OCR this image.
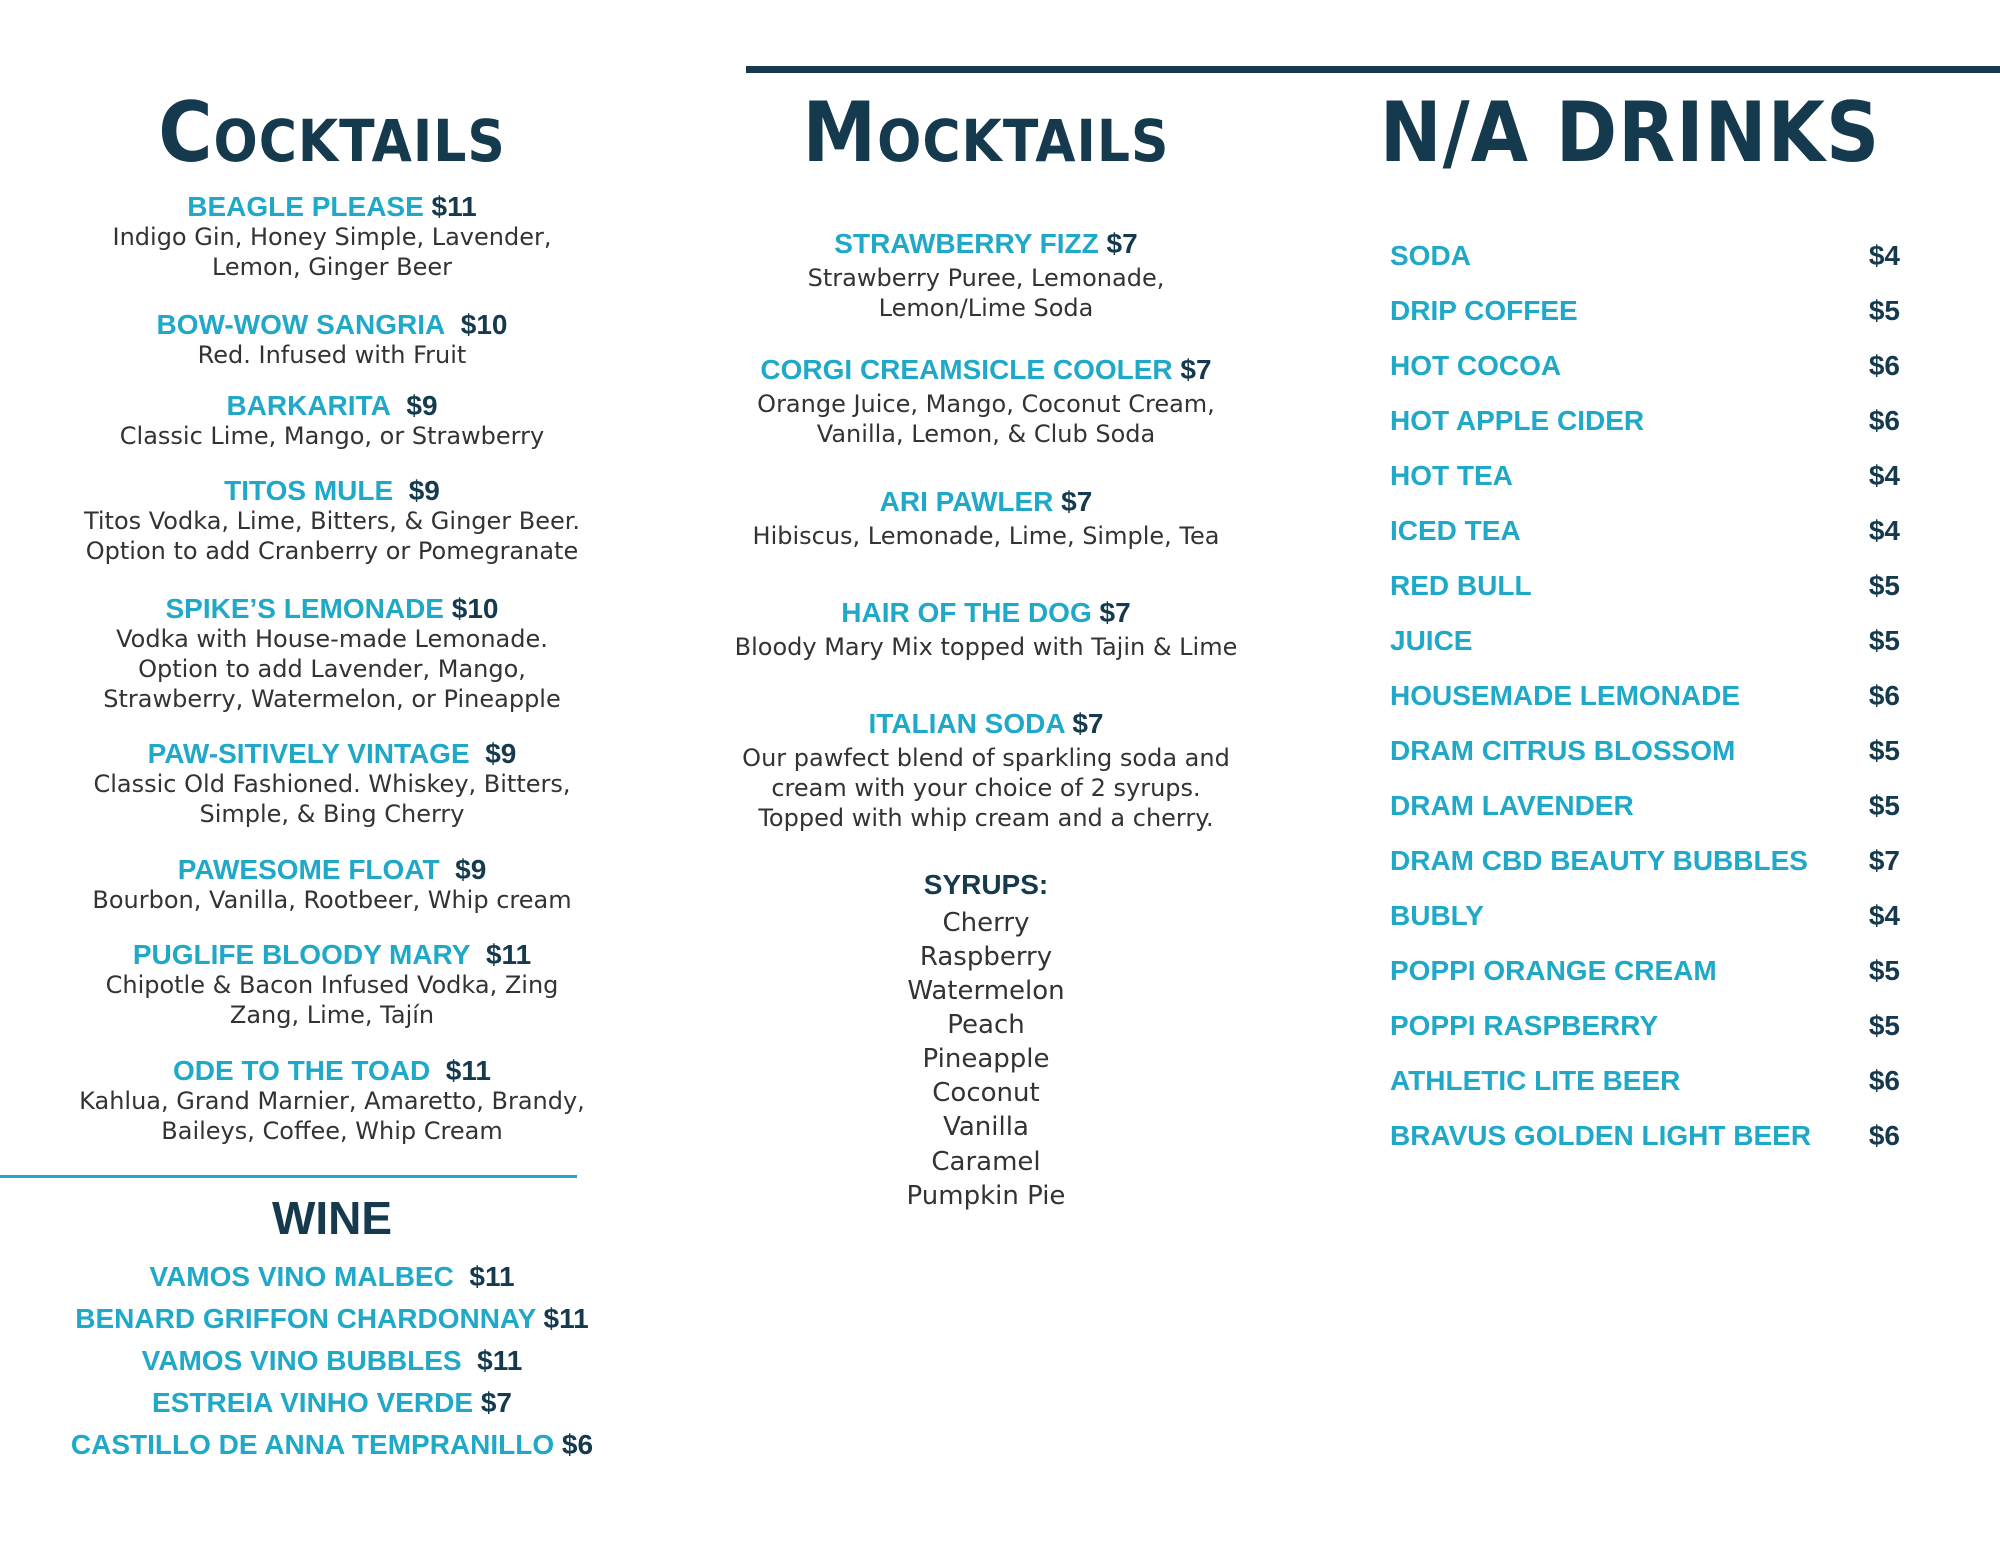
Cocktails
BEAGLE PLEASE $11
Indigo Gin, Honey Simple, Lavender,
Lemon, Ginger Beer
BOW-WOW SANGRIA $10
Red. Infused with Fruit
BARKARITA $9
Classic Lime, Mango, or Strawberry
TITOS MULE $9
Titos Vodka, Lime, Bitters, & Ginger Beer.
Option to add Cranberry or Pomegranate
SPIKE’S LEMONADE $10
Vodka with House-made Lemonade.
Option to add Lavender, Mango,
Strawberry, Watermelon, or Pineapple
PAW-SITIVELY VINTAGE $9
Classic Old Fashioned. Whiskey, Bitters,
Simple, & Bing Cherry
PAWESOME FLOAT $9
Bourbon, Vanilla, Rootbeer, Whip cream
PUGLIFE BLOODY MARY $11
Chipotle & Bacon Infused Vodka, Zing
Zang, Lime, Tajín
ODE TO THE TOAD $11
Kahlua, Grand Marnier, Amaretto, Brandy,
Baileys, Coffee, Whip Cream
WINE
VAMOS VINO MALBEC $11
BENARD GRIFFON CHARDONNAY $11
VAMOS VINO BUBBLES $11
ESTREIA VINHO VERDE $7
CASTILLO DE ANNA TEMPRANILLO $6
Mocktails
STRAWBERRY FIZZ $7
Strawberry Puree, Lemonade,
Lemon/Lime Soda
CORGI CREAMSICLE COOLER $7
Orange Juice, Mango, Coconut Cream,
Vanilla, Lemon, & Club Soda
ARI PAWLER $7
Hibiscus, Lemonade, Lime, Simple, Tea
HAIR OF THE DOG $7
Bloody Mary Mix topped with Tajin & Lime
ITALIAN SODA $7
Our pawfect blend of sparkling soda and
cream with your choice of 2 syrups.
Topped with whip cream and a cherry.
SYRUPS:
Cherry
Raspberry
Watermelon
Peach
Pineapple
Coconut
Vanilla
Caramel
Pumpkin Pie
N/A DRINKS
SODA	$4
DRIP COFFEE	$5
HOT COCOA	$6
HOT APPLE CIDER	$6
HOT TEA	$4
ICED TEA	$4
RED BULL	$5
JUICE	$5
HOUSEMADE LEMONADE	$6
DRAM CITRUS BLOSSOM	$5
DRAM LAVENDER	$5
DRAM CBD BEAUTY BUBBLES $7
BUBLY	$4
POPPI ORANGE CREAM	$5
POPPI RASPBERRY	$5
ATHLETIC LITE BEER	$6
BRAVUS GOLDEN LIGHT BEER $6
